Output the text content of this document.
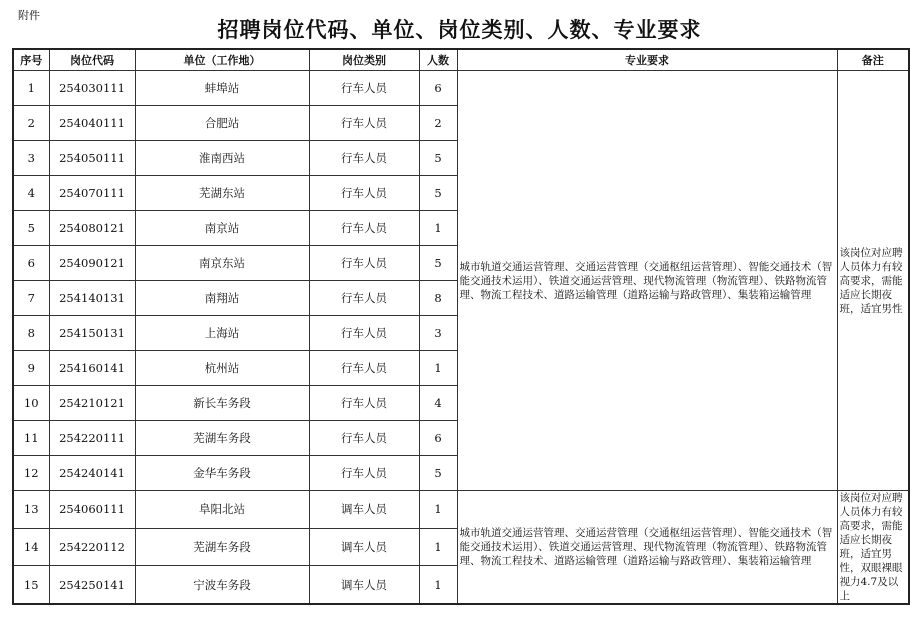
附件
招聘岗位代码、单位、岗位类别、人数、专业要求
序号	岗位代码	单位（工作地）	岗位类别	人数	专业要求	备注
1	254030111	蚌埠站	行车人员	6	城市轨道交通运营管理、交通运营管理（交通枢纽运营管理）、智能交通技术（智能交通技术运用）、铁道交通运营管理、现代物流管理（物流管理）、铁路物流管理、物流工程技术、道路运输管理（道路运输与路政管理）、集装箱运输管理	该岗位对应聘人员体力有较高要求，需能适应长期夜班，适宜男性
2	254040111	合肥站	行车人员	2		
3	254050111	淮南西站	行车人员	5		
4	254070111	芜湖东站	行车人员	5		
5	254080121	南京站	行车人员	1		
6	254090121	南京东站	行车人员	5		
7	254140131	南翔站	行车人员	8		
8	254150131	上海站	行车人员	3		
9	254160141	杭州站	行车人员	1		
10	254210121	新长车务段	行车人员	4		
11	254220111	芜湖车务段	行车人员	6		
12	254240141	金华车务段	行车人员	5		
13	254060111	阜阳北站	调车人员	1	城市轨道交通运营管理、交通运营管理（交通枢纽运营管理）、智能交通技术（智能交通技术运用）、铁道交通运营管理、现代物流管理（物流管理）、铁路物流管理、物流工程技术、道路运输管理（道路运输与路政管理）、集装箱运输管理	该岗位对应聘人员体力有较高要求，需能适应长期夜班，适宜男性，双眼裸眼视力4.7及以上
14	254220112	芜湖车务段	调车人员	1		
15	254250141	宁波车务段	调车人员	1		
